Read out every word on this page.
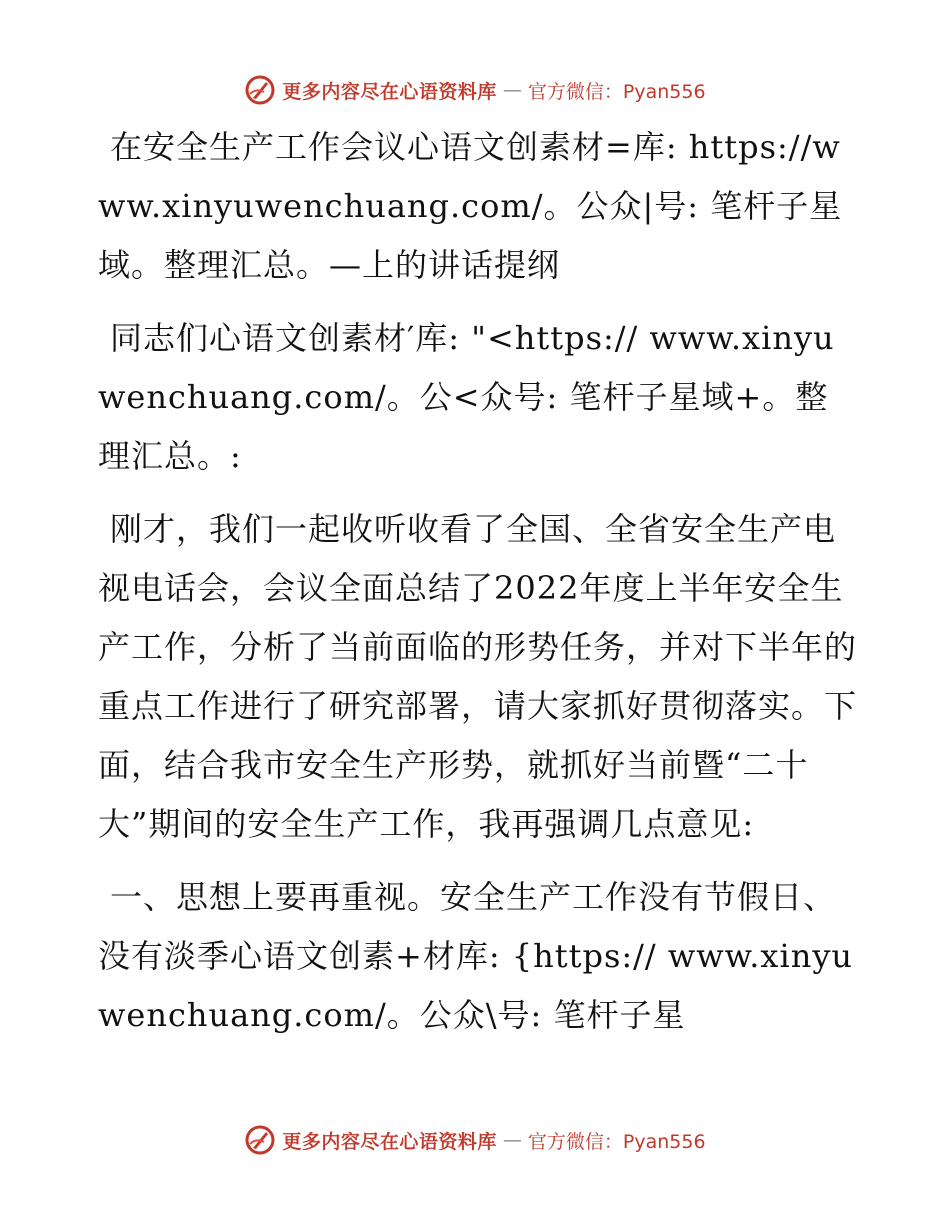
更多内容尽在心语资料库 — 官方微信：Pyan556

在安全生产工作会议心语文创素材=库: https://www.xinyuwenchuang.com/。公众|号: 笔杆子星域。整理汇总。—上的讲话提纲

同志们心语文创素材′库: "<https:// www.xinyuwenchuang.com/。公<众号: 笔杆子星域+。整理汇总。:

刚才，我们一起收听收看了全国、全省安全生产电视电话会，会议全面总结了2022年度上半年安全生产工作，分析了当前面临的形势任务，并对下半年的重点工作进行了研究部署，请大家抓好贯彻落实。下面，结合我市安全生产形势，就抓好当前暨“二十大”期间的安全生产工作，我再强调几点意见:

一、思想上要再重视。安全生产工作没有节假日、没有淡季心语文创素+材库: {https:// www.xinyuwenchuang.com/。公众\号: 笔杆子星

更多内容尽在心语资料库 — 官方微信：Pyan556
